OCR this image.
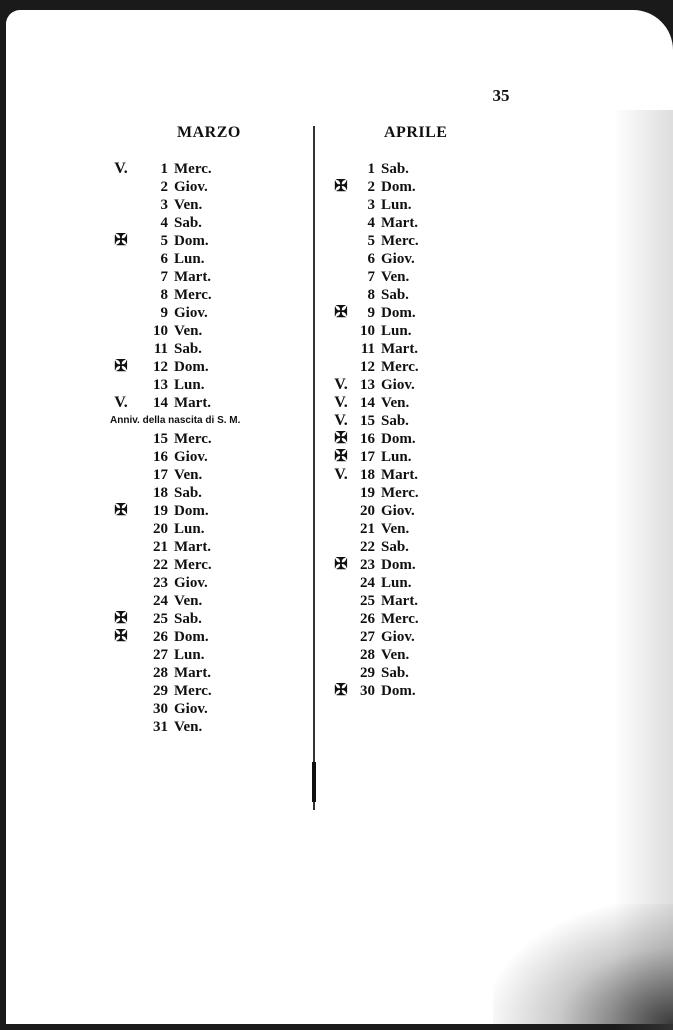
35
MARZO	APRILE
V.	1 Merc.
2 Giov.
3 Ven.
4 Sab.
✠	5 Dom.
6 Lun.
7 Mart.
8 Merc.
9 Giov.
10 Ven.
11 Sab.
✠	12 Dom.
13 Lun.
V.	14 Mart.
Anniv. della nascita di S. M.
15 Merc.
16 Giov.
17 Ven.
18 Sab.
✠	19 Dom.
20 Lun.
21 Mart.
22 Merc.
23 Giov.
24 Ven.
✠	25 Sab.
✠	26 Dom.
27 Lun.
28 Mart.
29 Merc.
30 Giov.
31 Ven.
1 Sab.
✠	2 Dom.
3 Lun.
4 Mart.
5 Merc.
6 Giov.
7 Ven.
8 Sab.
✠	9 Dom.
10 Lun.
11 Mart.
12 Merc.
V. 13 Giov.
V. 14 Ven.
V. 15 Sab.
✠ 16 Dom.
✠ 17 Lun.
V. 18 Mart.
19 Merc.
20 Giov.
21 Ven.
22 Sab.
✠ 23 Dom.
24 Lun.
25 Mart.
26 Merc.
27 Giov.
28 Ven.
29 Sab.
✠ 30 Dom.
